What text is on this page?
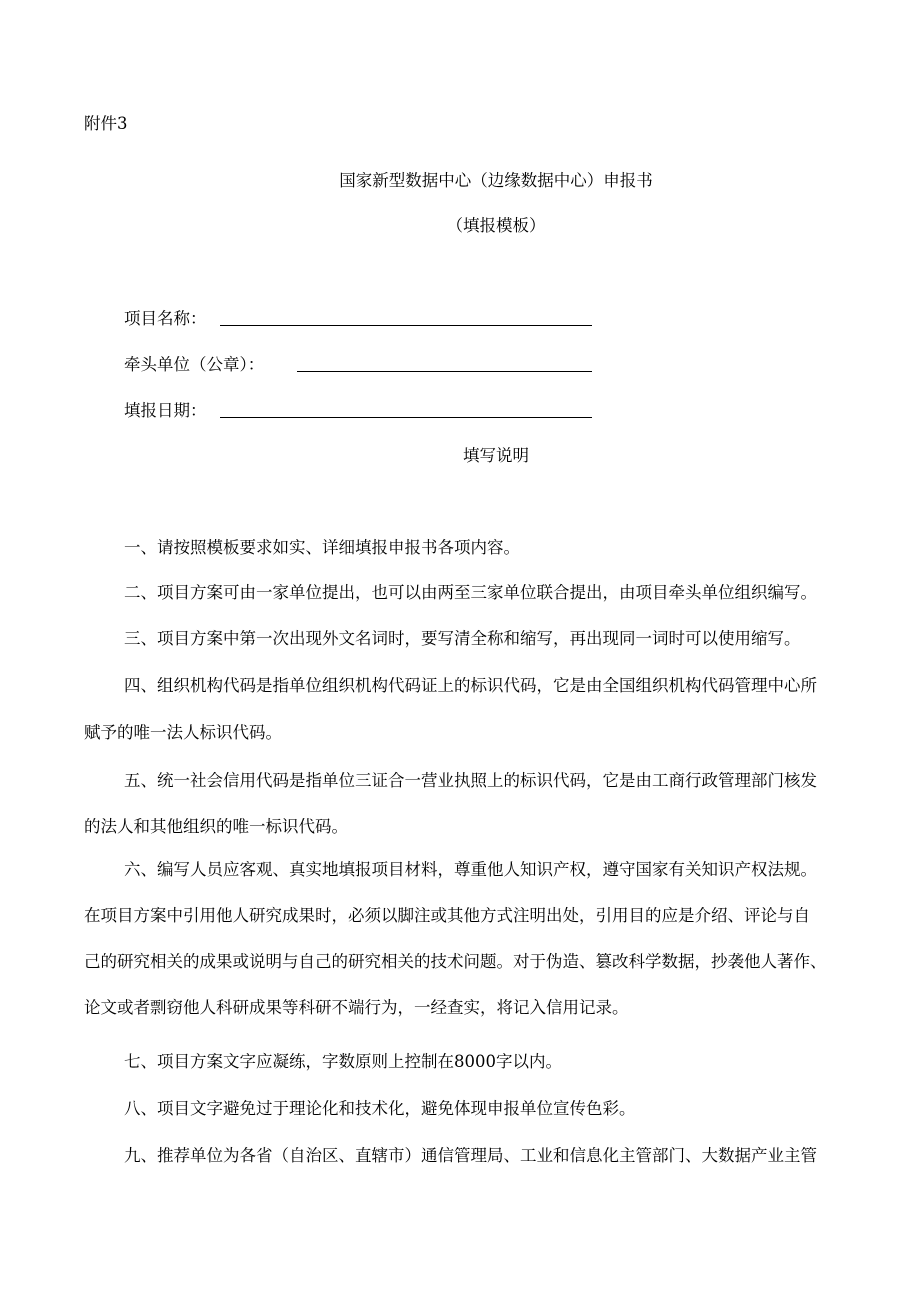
附件3
国家新型数据中心（边缘数据中心）申报书
（填报模板）
项目名称：
牵头单位（公章）：
填报日期：
填写说明
一、请按照模板要求如实、详细填报申报书各项内容。
二、项目方案可由一家单位提出，也可以由两至三家单位联合提出，由项目牵头单位组织编写。
三、项目方案中第一次出现外文名词时，要写清全称和缩写，再出现同一词时可以使用缩写。
四、组织机构代码是指单位组织机构代码证上的标识代码，它是由全国组织机构代码管理中心所
赋予的唯一法人标识代码。
五、统一社会信用代码是指单位三证合一营业执照上的标识代码，它是由工商行政管理部门核发
的法人和其他组织的唯一标识代码。
六、编写人员应客观、真实地填报项目材料，尊重他人知识产权，遵守国家有关知识产权法规。
在项目方案中引用他人研究成果时，必须以脚注或其他方式注明出处，引用目的应是介绍、评论与自
己的研究相关的成果或说明与自己的研究相关的技术问题。对于伪造、篡改科学数据，抄袭他人著作、
论文或者剽窃他人科研成果等科研不端行为，一经查实，将记入信用记录。
七、项目方案文字应凝练，字数原则上控制在8000字以内。
八、项目文字避免过于理论化和技术化，避免体现申报单位宣传色彩。
九、推荐单位为各省（自治区、直辖市）通信管理局、工业和信息化主管部门、大数据产业主管
